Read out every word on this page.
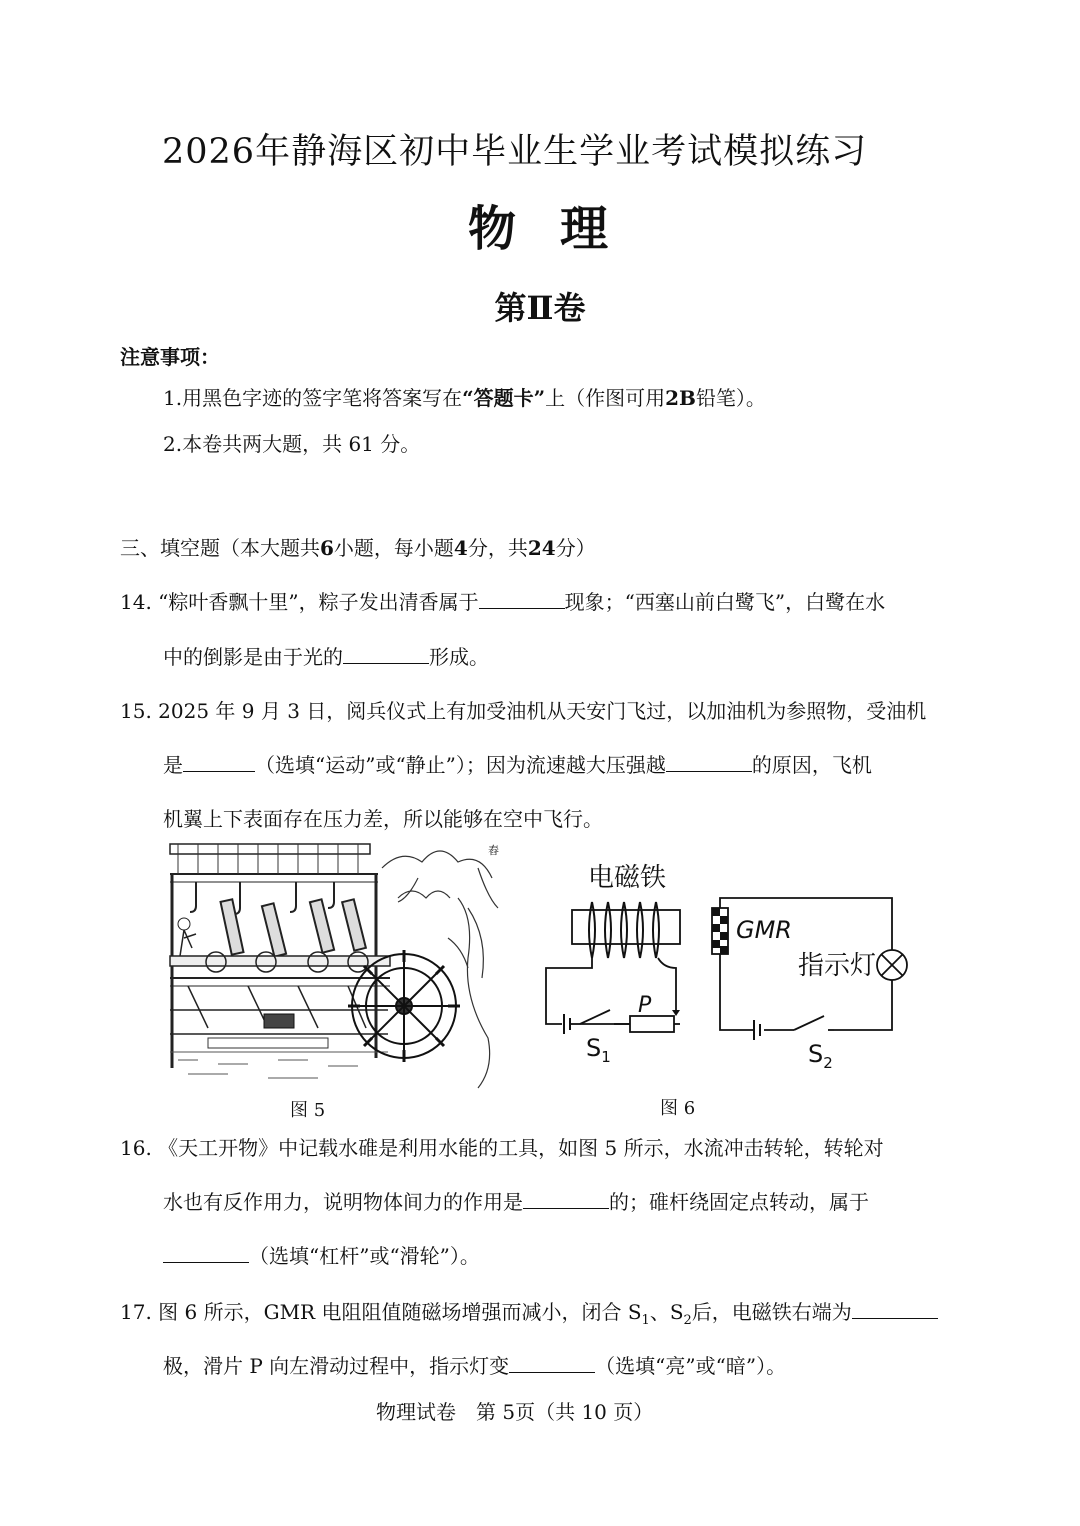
2026年静海区初中毕业生学业考试模拟练习
物 理
第Ⅱ卷
注意事项：
1.用黑色字迹的签字笔将答案写在“答题卡”上（作图可用2B铅笔）。
2.本卷共两大题，共 61 分。
三、填空题（本大题共6小题，每小题4分，共24分）
14. “粽叶香飘十里”，粽子发出清香属于	现象；“西塞山前白鹭飞”，白鹭在水
中的倒影是由于光的	形成。
15. 2025 年 9 月 3 日，阅兵仪式上有加受油机从天安门飞过，以加油机为参照物，受油机
是	（选填“运动”或“静止”）；因为流速越大压强越	的原因，飞机
机翼上下表面存在压力差，所以能够在空中飞行。
舂
图 5
电磁铁
P
$S_1$
GMR
$S_2$
指示灯
图 6
16. 《天工开物》中记载水碓是利用水能的工具，如图 5 所示，水流冲击转轮，转轮对
水也有反作用力，说明物体间力的作用是	的；碓杆绕固定点转动，属于
（选填“杠杆”或“滑轮”）。
17. 图 6 所示，GMR 电阻阻值随磁场增强而减小，闭合 $S_1$、$S_2$后，电磁铁右端为
极，滑片 P 向左滑动过程中，指示灯变	（选填“亮”或“暗”）。
物理试卷　第 5页（共 10 页）
